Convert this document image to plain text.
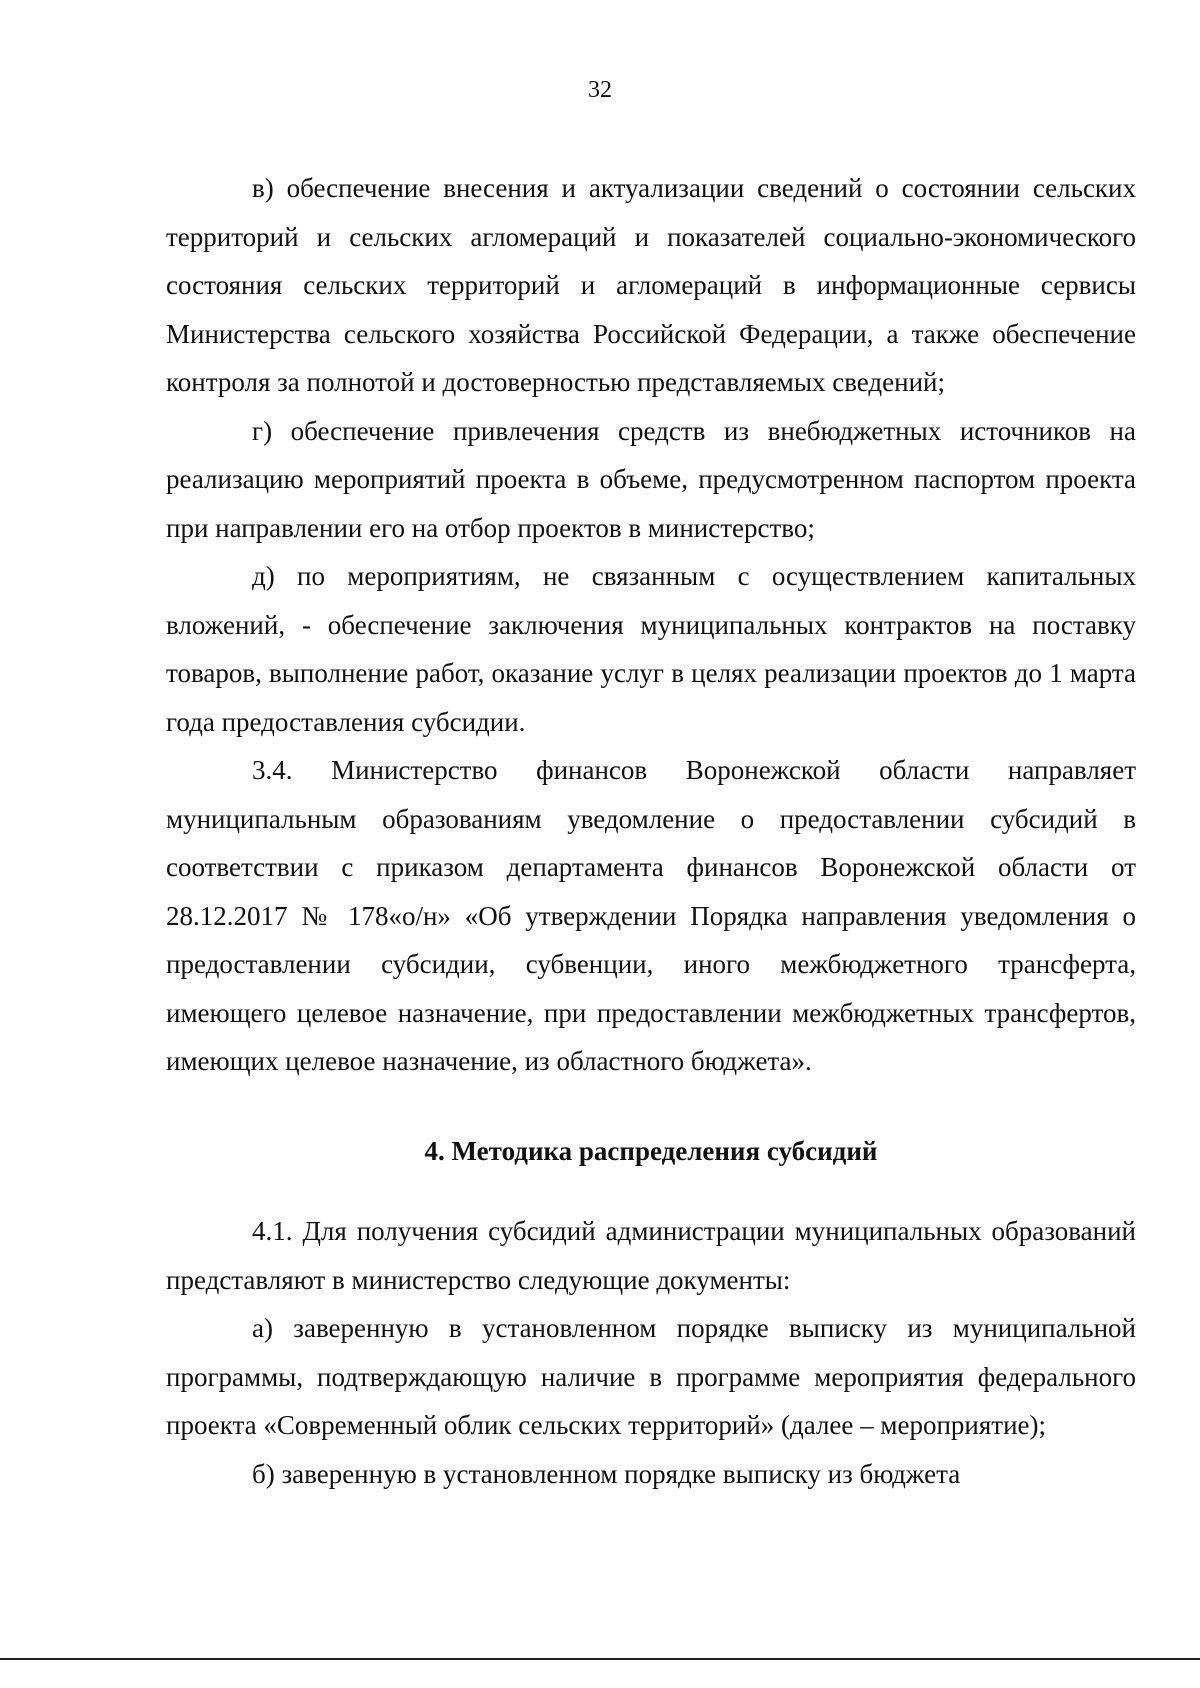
32

в) обеспечение внесения и актуализации сведений о состоянии сельских территорий и сельских агломераций и показателей социально-экономического состояния сельских территорий и агломераций в информационные сервисы Министерства сельского хозяйства Российской Федерации, а также обеспечение контроля за полнотой и достоверностью представляемых сведений;

г) обеспечение привлечения средств из внебюджетных источников на реализацию мероприятий проекта в объеме, предусмотренном паспортом проекта при направлении его на отбор проектов в министерство;

д) по мероприятиям, не связанным с осуществлением капитальных вложений, - обеспечение заключения муниципальных контрактов на поставку товаров, выполнение работ, оказание услуг в целях реализации проектов до 1 марта года предоставления субсидии.

3.4. Министерство финансов Воронежской области направляет муниципальным образованиям уведомление о предоставлении субсидий в соответствии с приказом департамента финансов Воронежской области от 28.12.2017 № 178«о/н» «Об утверждении Порядка направления уведомления о предоставлении субсидии, субвенции, иного межбюджетного трансферта, имеющего целевое назначение, при предоставлении межбюджетных трансфертов, имеющих целевое назначение, из областного бюджета».

4. Методика распределения субсидий

4.1. Для получения субсидий администрации муниципальных образований представляют в министерство следующие документы:

а) заверенную в установленном порядке выписку из муниципальной программы, подтверждающую наличие в программе мероприятия федерального проекта «Современный облик сельских территорий» (далее – мероприятие);

б) заверенную в установленном порядке выписку из бюджета
